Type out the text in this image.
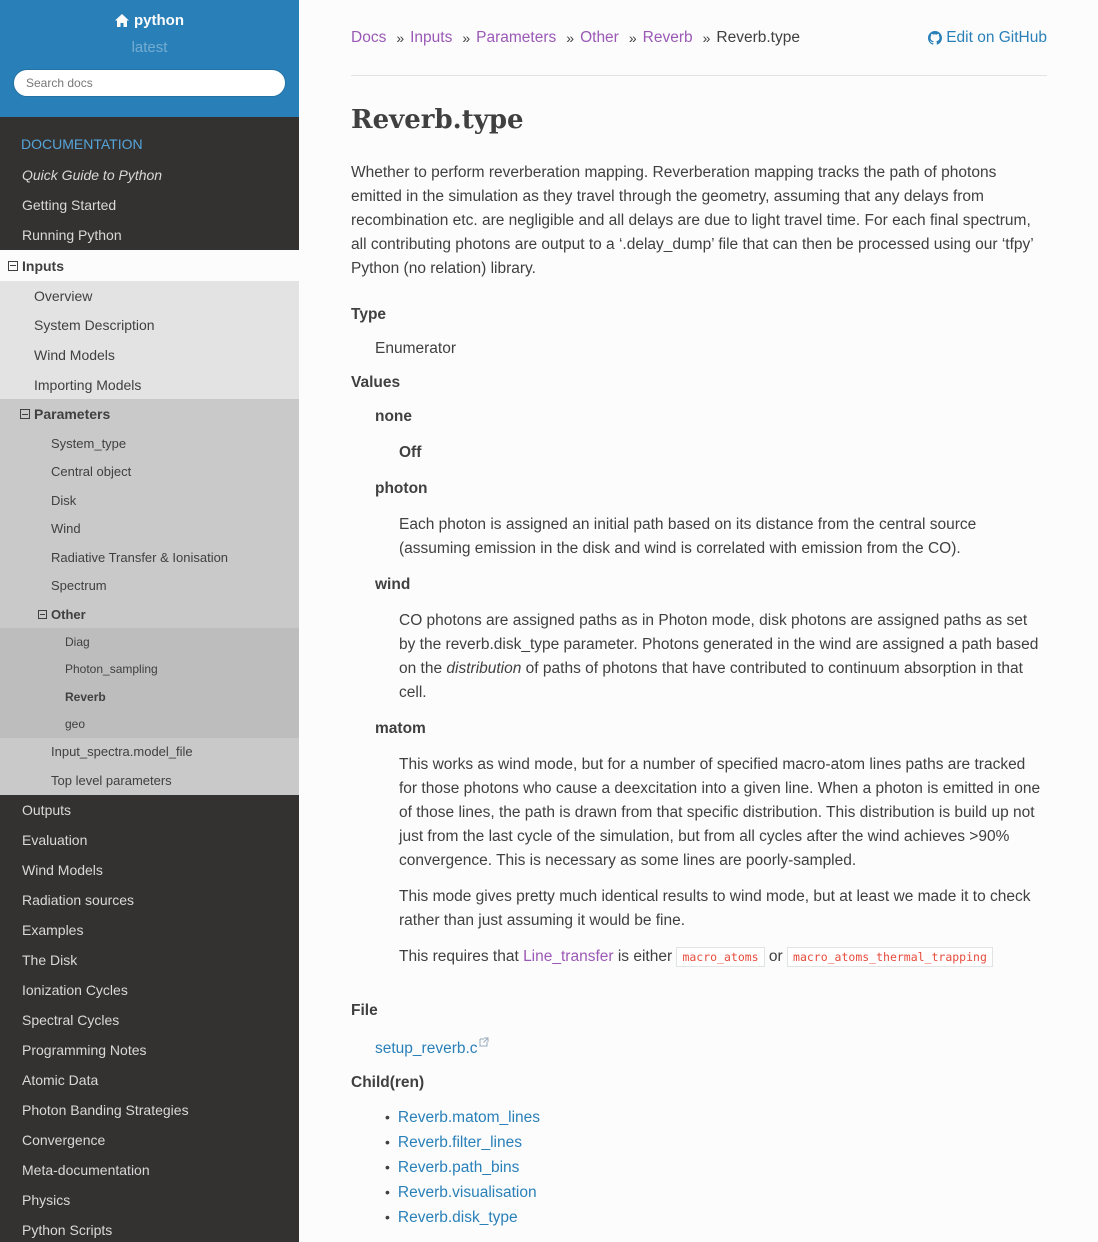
python
latest
Search docs
DOCUMENTATION
Quick Guide to Python
Getting Started
Running Python
Inputs
Overview
System Description
Wind Models
Importing Models
Parameters
System_type
Central object
Disk
Wind
Radiative Transfer & Ionisation
Spectrum
Other
Diag
Photon_sampling
Reverb
geo
Input_spectra.model_file
Top level parameters
Outputs
Evaluation
Wind Models
Radiation sources
Examples
The Disk
Ionization Cycles
Spectral Cycles
Programming Notes
Atomic Data
Photon Banding Strategies
Convergence
Meta-documentation
Physics
Python Scripts
Docs » Inputs » Parameters » Other » Reverb » Reverb.type	Edit on GitHub
Reverb.type

Whether to perform reverberation mapping. Reverberation mapping tracks the path of photons emitted in the simulation as they travel through the geometry, assuming that any delays from recombination etc. are negligible and all delays are due to light travel time. For each final spectrum, all contributing photons are output to a ‘.delay_dump’ file that can then be processed using our ‘tfpy’ Python (no relation) library.

Type
Enumerator
Values
none
Off
photon
Each photon is assigned an initial path based on its distance from the central source (assuming emission in the disk and wind is correlated with emission from the CO).
wind
CO photons are assigned paths as in Photon mode, disk photons are assigned paths as set by the reverb.disk_type parameter. Photons generated in the wind are assigned a path based on the distribution of paths of photons that have contributed to continuum absorption in that cell.
matom

This works as wind mode, but for a number of specified macro-atom lines paths are tracked for those photons who cause a deexcitation into a given line. When a photon is emitted in one of those lines, the path is drawn from that specific distribution. This distribution is build up not just from the last cycle of the simulation, but from all cycles after the wind achieves >90% convergence. This is necessary as some lines are poorly-sampled.

This mode gives pretty much identical results to wind mode, but at least we made it to check rather than just assuming it would be fine.

This requires that Line_transfer is either macro_atoms or macro_atoms_thermal_trapping

File
setup_reverb.c
Child(ren)
• Reverb.matom_lines
• Reverb.filter_lines
• Reverb.path_bins
• Reverb.visualisation
• Reverb.disk_type
